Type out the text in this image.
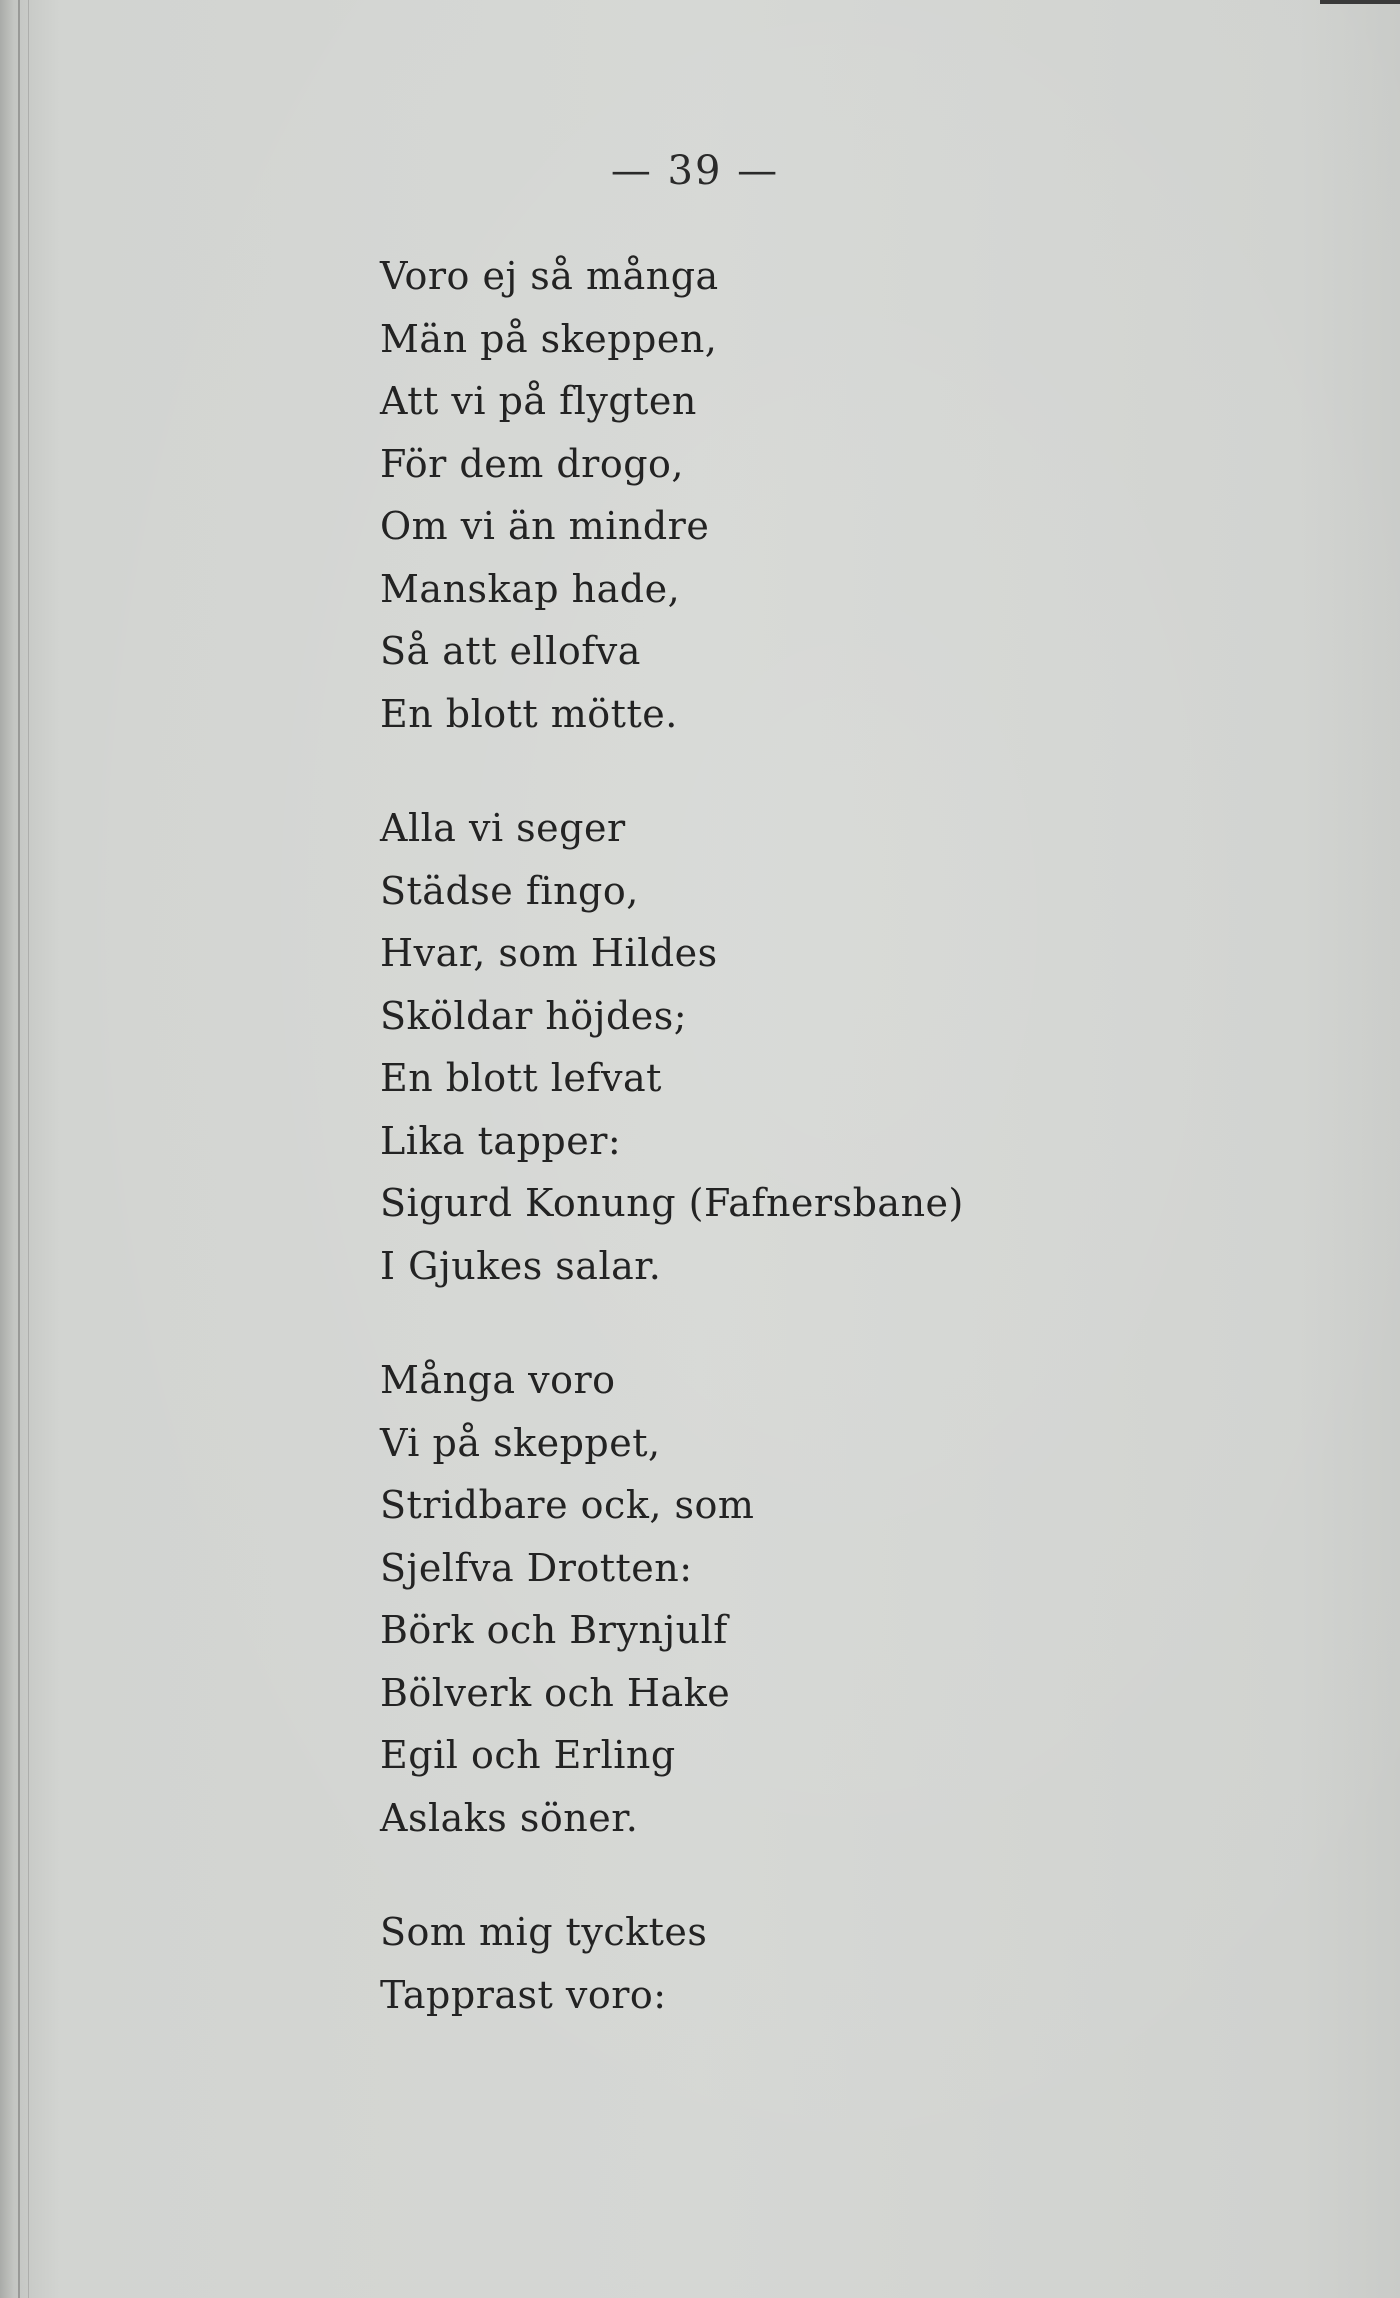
— 39 —
Voro ej så många
Män på skeppen,
Att vi på flygten
För dem drogo,
Om vi än mindre
Manskap hade,
Så att ellofva
En blott mötte.
Alla vi seger
Städse fingo,
Hvar, som Hildes
Sköldar höjdes;
En blott lefvat
Lika tapper:
Sigurd Konung (Fafnersbane)
I Gjukes salar.
Många voro
Vi på skeppet,
Stridbare ock, som
Sjelfva Drotten:
Börk och Brynjulf
Bölverk och Hake
Egil och Erling
Aslaks söner.
Som mig tycktes
Tapprast voro:
